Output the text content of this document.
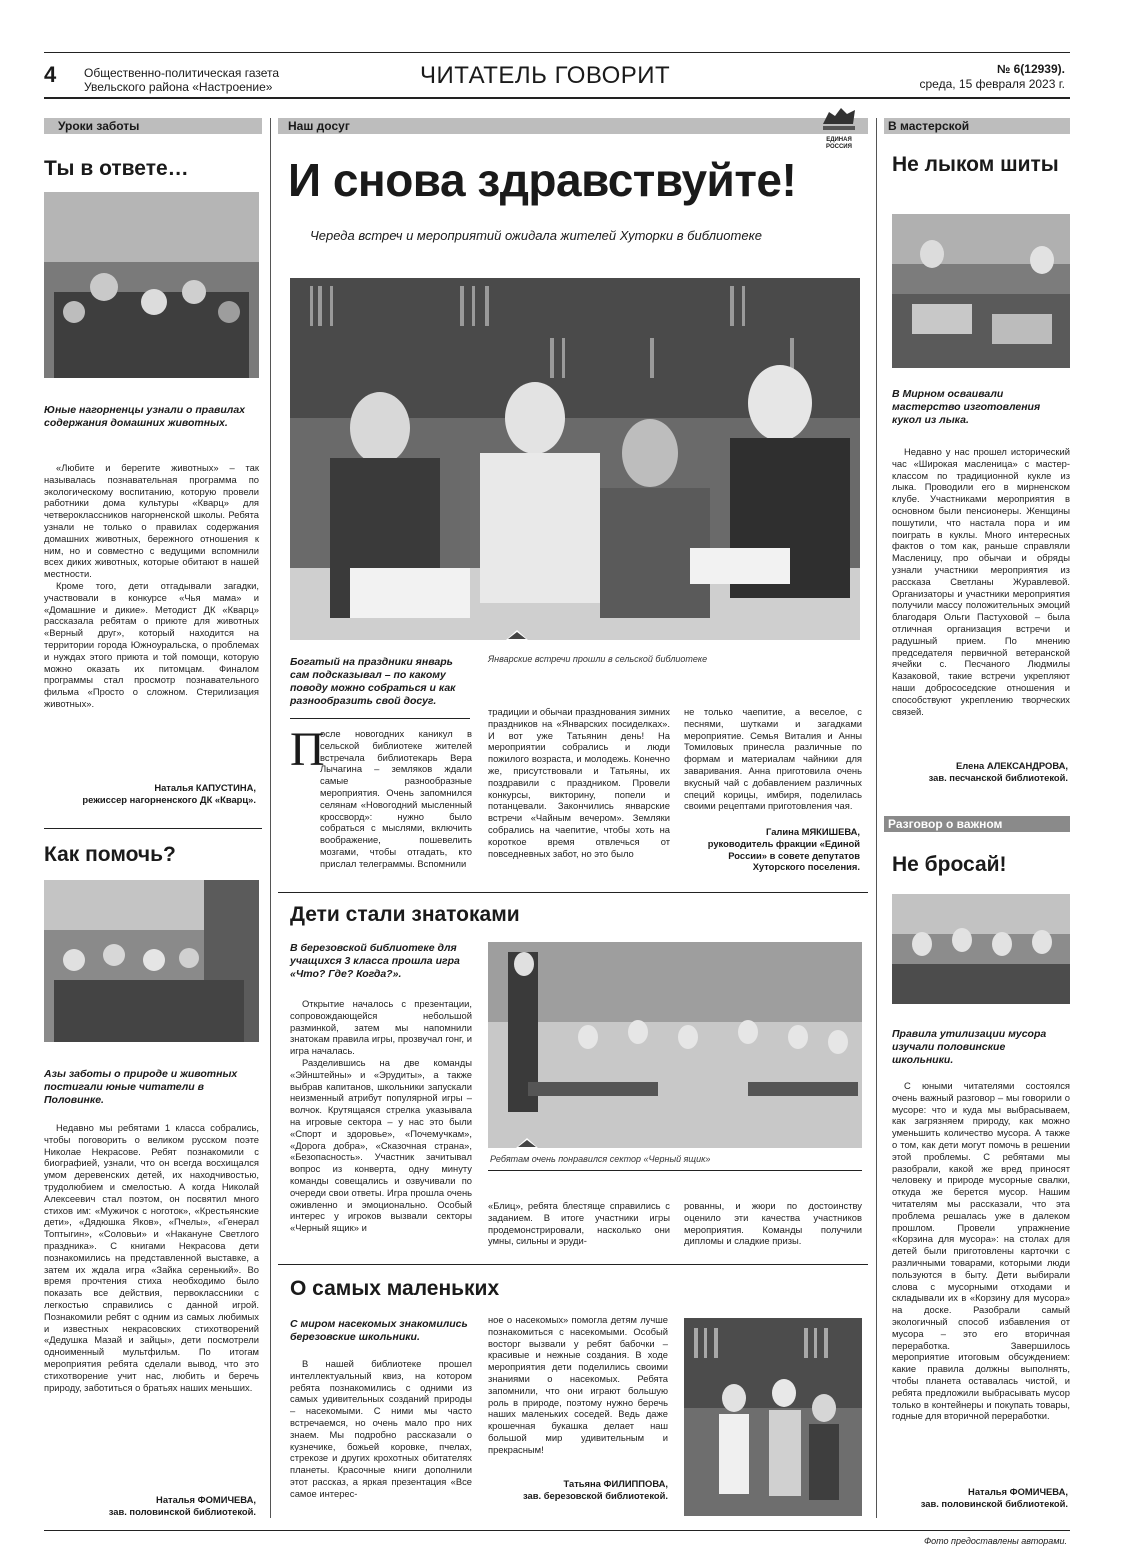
4 Общественно-политическая газета
Увельского района «Настроение»	ЧИТАТЕЛЬ ГОВОРИТ	№ 6(12939).
среда, 15 февраля 2023 г.
Уроки заботы	Наш досуг	В мастерской
ЕДИНАЯ
РОССИЯ
Ты в ответе…
Юные нагорненцы узнали о правилах содержания домашних животных.

«Любите и берегите животных» – так называлась познавательная программа по экологическому воспитанию, которую провели работники дома культуры «Кварц» для четвероклассников нагорненской школы. Ребята узнали не только о правилах содержания домашних животных, бережного отношения к ним, но и совместно с ведущими вспомнили всех диких животных, которые обитают в нашей местности.

Кроме того, дети отгадывали загадки, участвовали в конкурсе «Чья мама» и «Домашние и дикие». Методист ДК «Кварц» рассказала ребятам о приюте для животных «Верный друг», который находится на территории города Южноуральска, о проблемах и нуждах этого приюта и той помощи, которую можно оказать их питомцам. Финалом программы стал просмотр познавательного фильма «Просто о сложном. Стерилизация животных».

Наталья КАПУСТИНА,
режиссер нагорненского ДК «Кварц».
Как помочь?
Азы заботы о природе и животных постигали юные читатели в Половинке.

Недавно мы ребятами 1 класса собрались, чтобы поговорить о великом русском поэте Николае Некрасове. Ребят познакомили с биографией, узнали, что он всегда восхищался умом деревенских детей, их находчивостью, трудолюбием и смелостью. А когда Николай Алексеевич стал поэтом, он посвятил много стихов им: «Мужичок с ноготок», «Крестьянские дети», «Дядюшка Яков», «Пчелы», «Генерал Топтыгин», «Соловьи» и «Накануне Светлого праздника». С книгами Некрасова дети познакомились на представленной выставке, а затем их ждала игра «Зайка серенький». Во время прочтения стиха необходимо было показать все действия, первоклассники с легкостью справились с данной игрой. Познакомили ребят с одним из самых любимых и известных некрасовских стихотворений «Дедушка Мазай и зайцы», дети посмотрели одноименный мультфильм. По итогам мероприятия ребята сделали вывод, что это стихотворение учит нас, любить и беречь природу, заботиться о братьях наших меньших.

Наталья ФОМИЧЕВА,
зав. половинской библиотекой.
И снова здравствуйте!
Череда встреч и мероприятий ожидала жителей Хуторки в библиотеке
Январские встречи прошли в сельской библиотеке
Богатый на праздники январь сам подсказывал – по какому поводу можно собраться и как разнообразить свой досуг.
П

осле новогодних каникул в сельской библиотеке жителей встречала библиотекарь Вера Лычагина – земляков ждали самые разнообразные мероприятия. Очень запомнился селянам «Новогодний мысленный кроссворд»: нужно было собраться с мыслями, включить воображение, пошевелить мозгами, чтобы отгадать, кто прислал телеграммы. Вспомнили

традиции и обычаи празднования зимних праздников на «Январских посиделках». И вот уже Татьянин день! На мероприятии собрались и люди пожилого возраста, и молодежь. Конечно же, присутствовали и Татьяны, их поздравили с праздником. Провели конкурсы, викторину, попели и потанцевали. Закончились январские встречи «Чайным вечером». Земляки собрались на чаепитие, чтобы хоть на короткое время отвлечься от повседневных забот, но это было

не только чаепитие, а веселое, с песнями, шутками и загадками мероприятие. Семья Виталия и Анны Томиловых принесла различные по формам и материалам чайники для заваривания. Анна приготовила очень вкусный чай с добавлением различных специй корицы, имбиря, поделилась своими рецептами приготовления чая.

Галина МЯКИШЕВА,
руководитель фракции «Единой России» в совете депутатов Хуторского поселения.
Дети стали знатоками
В березовской библиотеке для учащихся 3 класса прошла игра «Что? Где? Когда?».

Открытие началось с презентации, сопровождающейся небольшой разминкой, затем мы напомнили знатокам правила игры, прозвучал гонг, и игра началась.

Разделившись на две команды «Эйнштейны» и «Эрудиты», а также выбрав капитанов, школьники запускали неизменный атрибут популярной игры – волчок. Крутящаяся стрелка указывала на игровые сектора – у нас это были «Спорт и здоровье», «Почемучкам», «Дорога добра», «Сказочная страна», «Безопасность». Участник зачитывал вопрос из конверта, одну минуту команды совещались и озвучивали по очереди свои ответы. Игра прошла очень оживленно и эмоционально. Особый интерес у игроков вызвали секторы «Черный ящик» и

Ребятам очень понравился сектор «Черный ящик»

«Блиц», ребята блестяще справились с заданием. В итоге участники игры продемонстрировали, насколько они умны, сильны и эруди-

рованны, и жюри по достоинству оценило эти качества участников мероприятия. Команды получили дипломы и сладкие призы.

О самых маленьких
С миром насекомых знакомились березовские школьники.

В нашей библиотеке прошел интеллектуальный квиз, на котором ребята познакомились с одними из самых удивительных созданий природы – насекомыми. С ними мы часто встречаемся, но очень мало про них знаем. Мы подробно рассказали о кузнечике, божьей коровке, пчелах, стрекозе и других крохотных обитателях планеты. Красочные книги дополнили этот рассказ, а яркая презентация «Все самое интерес-

ное о насекомых» помогла детям лучше познакомиться с насекомыми. Особый восторг вызвали у ребят бабочки – красивые и нежные создания. В ходе мероприятия дети поделились своими знаниями о насекомых. Ребята запомнили, что они играют большую роль в природе, поэтому нужно беречь наших маленьких соседей. Ведь даже крошечная букашка делает наш большой мир удивительным и прекрасным!

Татьяна ФИЛИППОВА,
зав. березовской библиотекой.
Не лыком шиты
В Мирном осваивали мастерство изготовления кукол из лыка.

Недавно у нас прошел исторический час «Широкая масленица» с мастер-классом по традиционной кукле из лыка. Проводили его в мирненском клубе. Участниками мероприятия в основном были пенсионеры. Женщины пошутили, что настала пора и им поиграть в куклы. Много интересных фактов о том как, раньше справляли Масленицу, про обычаи и обряды узнали участники мероприятия из рассказа Светланы Журавлевой. Организаторы и участники мероприятия получили массу положительных эмоций благодаря Ольги Пастуховой – была отличная организация встречи и радушный прием. По мнению председателя первичной ветеранской ячейки с. Песчаного Людмилы Казаковой, такие встречи укрепляют наши добрососедские отношения и способствуют укреплению творческих связей.

Елена АЛЕКСАНДРОВА,
зав. песчанской библиотекой.
Разговор о важном
Не бросай!
Правила утилизации мусора изучали половинские школьники.

С юными читателями состоялся очень важный разговор – мы говорили о мусоре: что и куда мы выбрасываем, как загрязняем природу, как можно уменьшить количество мусора. А также о том, как дети могут помочь в решении этой проблемы. С ребятами мы разобрали, какой же вред приносят человеку и природе мусорные свалки, откуда же берется мусор. Нашим читателям мы рассказали, что эта проблема решалась уже в далеком прошлом. Провели упражнение «Корзина для мусора»: на столах для детей были приготовлены карточки с различными товарами, которыми люди пользуются в быту. Дети выбирали слова с мусорными отходами и складывали их в «Корзину для мусора» на доске. Разобрали самый экологичный способ избавления от мусора – это его вторичная переработка. Завершилось мероприятие итоговым обсуждением: какие правила должны выполнять, чтобы планета оставалась чистой, и ребята предложили выбрасывать мусор только в контейнеры и покупать товары, годные для вторичной переработки.

Наталья ФОМИЧЕВА,
зав. половинской библиотекой.
Фото предоставлены авторами.
